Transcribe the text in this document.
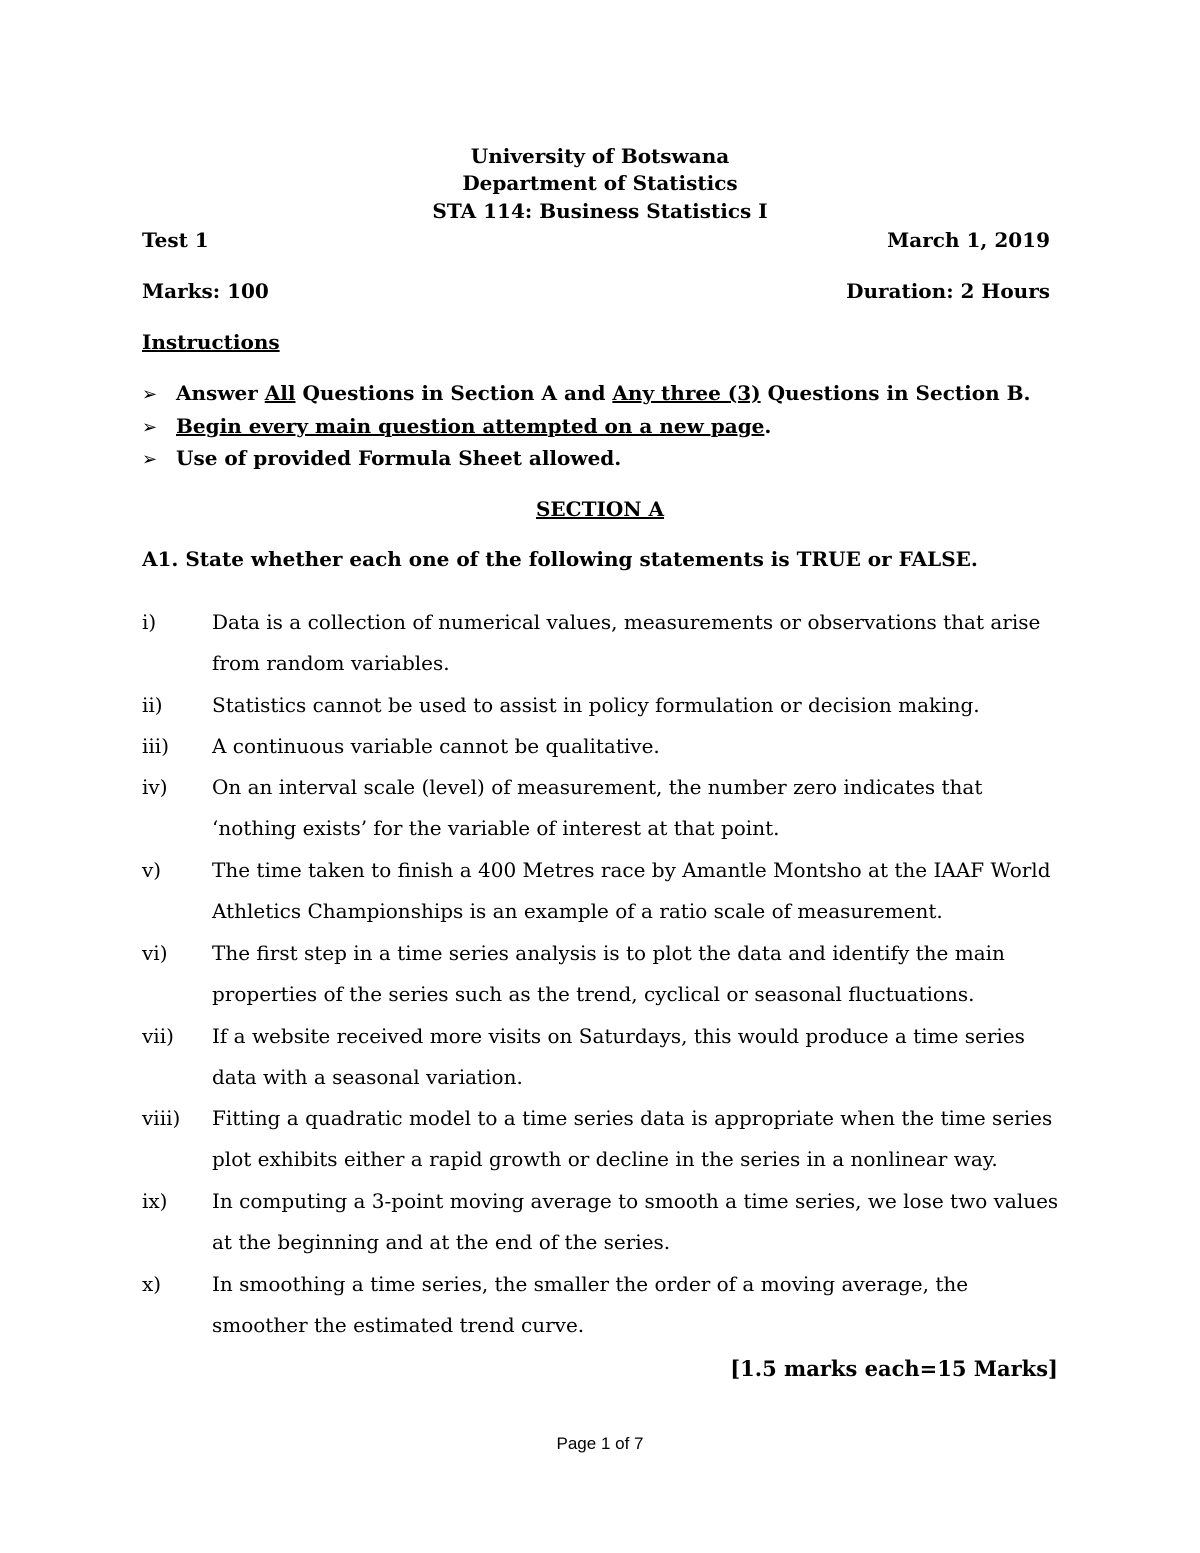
University of Botswana
Department of Statistics
STA 114: Business Statistics I
Test 1	March 1, 2019
Marks: 100	Duration: 2 Hours
Instructions
➢ Answer All Questions in Section A and Any three (3) Questions in Section B.
➢ Begin every main question attempted on a new page.
➢ Use of provided Formula Sheet allowed.
SECTION A
A1. State whether each one of the following statements is TRUE or FALSE.
i)	Data is a collection of numerical values, measurements or observations that arise from random variables.
ii)	Statistics cannot be used to assist in policy formulation or decision making.
iii)	A continuous variable cannot be qualitative.
iv)	On an interval scale (level) of measurement, the number zero indicates that ‘nothing exists’ for the variable of interest at that point.
v)	The time taken to finish a 400 Metres race by Amantle Montsho at the IAAF World Athletics Championships is an example of a ratio scale of measurement.
vi)	The first step in a time series analysis is to plot the data and identify the main properties of the series such as the trend, cyclical or seasonal fluctuations.
vii)	If a website received more visits on Saturdays, this would produce a time series data with a seasonal variation.
viii)	Fitting a quadratic model to a time series data is appropriate when the time series plot exhibits either a rapid growth or decline in the series in a nonlinear way.
ix)	In computing a 3-point moving average to smooth a time series, we lose two values at the beginning and at the end of the series.
x)	In smoothing a time series, the smaller the order of a moving average, the smoother the estimated trend curve.
[1.5 marks each=15 Marks]
Page 1 of 7
